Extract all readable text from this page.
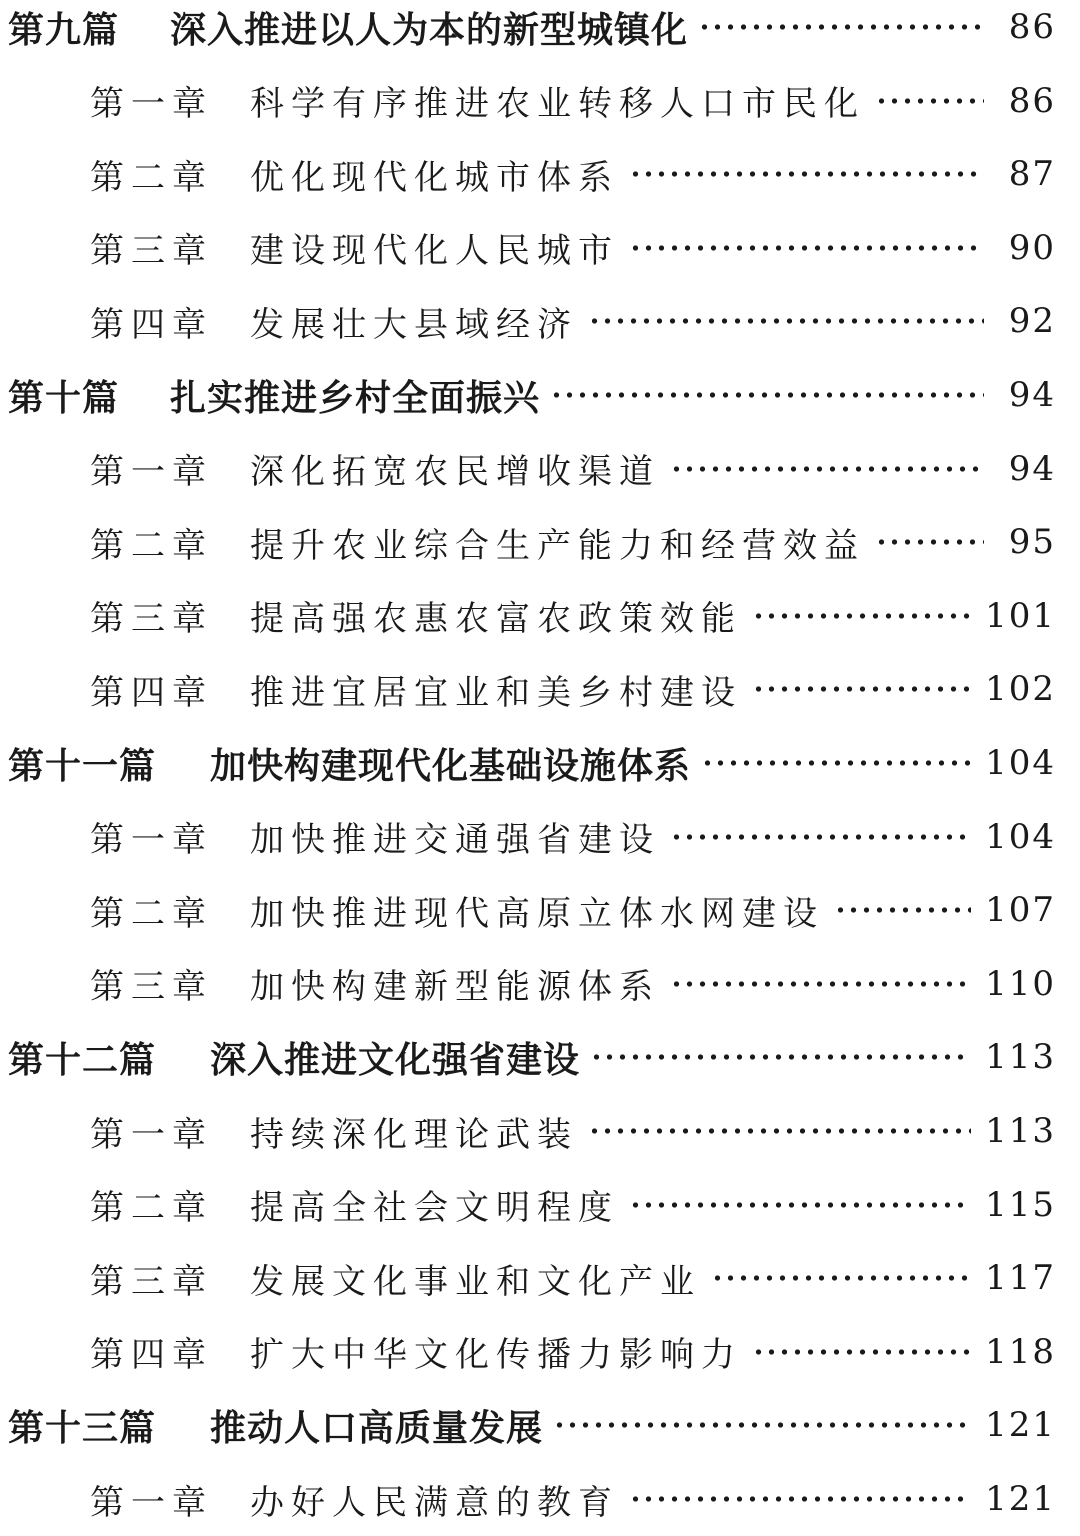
第九篇	深入推进以人为本的新型城镇化	86
第一章	科学有序推进农业转移人口市民化	86
第二章	优化现代化城市体系	87
第三章	建设现代化人民城市	90
第四章	发展壮大县域经济	92
第十篇	扎实推进乡村全面振兴	94
第一章	深化拓宽农民增收渠道	94
第二章	提升农业综合生产能力和经营效益	95
第三章	提高强农惠农富农政策效能	101
第四章	推进宜居宜业和美乡村建设	102
第十一篇	加快构建现代化基础设施体系	104
第一章	加快推进交通强省建设	104
第二章	加快推进现代高原立体水网建设	107
第三章	加快构建新型能源体系	110
第十二篇	深入推进文化强省建设	113
第一章	持续深化理论武装	113
第二章	提高全社会文明程度	115
第三章	发展文化事业和文化产业	117
第四章	扩大中华文化传播力影响力	118
第十三篇	推动人口高质量发展	121
第一章	办好人民满意的教育	121
